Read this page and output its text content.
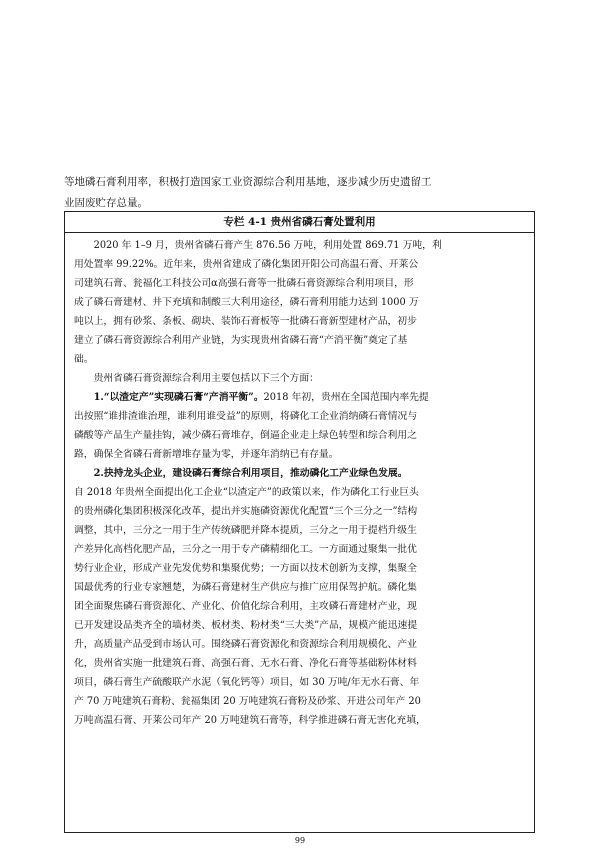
等地磷石膏利用率，积极打造国家工业资源综合利用基地，逐步减少历史遗留工

业固废贮存总量。

专栏 4-1 贵州省磷石膏处置利用

2020 年 1–9 月，贵州省磷石膏产生 876.56 万吨，利用处置 869.71 万吨，利
用处置率 99.22%。近年来，贵州省建成了磷化集团开阳公司高温石膏、开莱公
司建筑石膏、瓮福化工科技公司α高强石膏等一批磷石膏资源综合利用项目，形
成了磷石膏建材、井下充填和制酸三大利用途径，磷石膏利用能力达到 1000 万
吨以上，拥有砂浆、条板、砌块、装饰石膏板等一批磷石膏新型建材产品，初步
建立了磷石膏资源综合利用产业链，为实现贵州省磷石膏“产消平衡”奠定了基
础。

贵州省磷石膏资源综合利用主要包括以下三个方面：

1.“以渣定产”实现磷石膏“产消平衡”。2018 年初，贵州在全国范围内率先提
出按照“谁排渣谁治理，谁利用谁受益”的原则，将磷化工企业消纳磷石膏情况与
磷酸等产品生产量挂钩，减少磷石膏堆存，倒逼企业走上绿色转型和综合利用之
路，确保全省磷石膏新增堆存量为零，并逐年消纳已有存量。

2.抉持龙头企业，建设磷石膏综合利用项目，推动磷化工产业绿色发展。
自 2018 年贵州全面提出化工企业“以渣定产”的政策以来，作为磷化工行业巨头
的贵州磷化集团积极深化改革，提出并实施磷资源优化配置“三个三分之一”结构
调整，其中，三分之一用于生产传统磷肥并降本提质，三分之一用于提档升级生
产差异化高档化肥产品，三分之一用于专产磷精细化工。一方面通过聚集一批优
势行业企业，形成产业先发优势和集聚优势；一方面以技术创新为支撑，集聚全
国最优秀的行业专家翘楚，为磷石膏建材生产供应与推广应用保驾护航。磷化集
团全面聚焦磷石膏资源化、产业化、价值化综合利用，主攻磷石膏建材产业，现
已开发建设品类齐全的墙材类、板材类、粉材类“三大类”产品，规模产能迅速提
升，高质量产品受到市场认可。围绕磷石膏资源化和资源综合利用规模化、产业
化，贵州省实施一批建筑石膏、高强石膏、无水石膏、净化石膏等基础粉体材料
项目，磷石膏生产硫酸联产水泥（氧化钙等）项目，如 30 万吨/年无水石膏、年
产 70 万吨建筑石膏粉、瓮福集团 20 万吨建筑石膏粉及砂浆、开进公司年产 20
万吨高温石膏、开莱公司年产 20 万吨建筑石膏等，科学推进磷石膏无害化充填，

99
